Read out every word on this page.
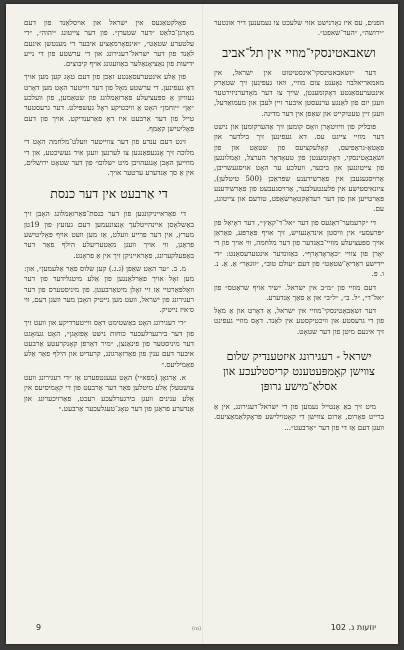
הפנים, עס איז נאָרנישט אזוי שלעכט צו נעמענען דיר אונטער ״ירושה״, ״הער־שאפט״.

ושאבאטינסקי־מוזיי אין תל־אביב

דער ״זשאבאטינסקי־אינסטיטוט אין ישראל, אין מאמאריאלבוי נאָענט צום מוזיי, וואו געפינען זיך שטאַרק אינטערעסאַנטע דאָקומענטן, שייך צו דער מאָדערניזירטער וועגן יום פון לאַנגע ערנעסטן איבער זיין לעבן און מעמואַרעל, וועגן זיין טעטיקייט און שאַפן אין דער מדינה.

פּובליק פון וויזיטאָרן וואָס קומען זיך אַהערקומען און נישט דער מוזיי צייגט עס. דא געפינען זיך בילדער און פאָטאָ-גראַפיעס, קאָלעקציעס פון שטאַט און פון זשאַבאָטינסקי, דאָקומענטן פון טעאָדאָר הערצל, זאַמלונגען פון צייטונגען און ביכער, וועלכע ער האָט אויסגעשריבן, אַרויסגעגעבן אין פאַרשידענע שפּראַכן (500 טיטלען), ציונאיסטישע אין פּלענטעלבער, אַרויסגעבעט פון פאַרשידענע פּאַרטייען און פון דער רעדאַקטאָרשאַפט, טורעם און צייטונג, עם.

די ״קרעמער־ראַגעס פון דער ״אל־ד־קאַץ׳״, דער ראָיאַל פון ״פּרעסע״ אין וויסטן אינדאָנעזיש, זיך אויף פּאַרפּע, פאַראַן אויך ספּעציעלע מוזיי־באַנדער פון דער מלחמה, ווי אויך פון די יאָרן פון צוויי ״כאָראָדאָרף״. באַזונדער אינטערעסאַנט: ״די יידישע ראַדיאָ־שטאַט״ פון דעם ״עולם טוב״, ״זוגאַר״ אַ. אַ. נ. ו. פּ.

דעם מוזיי פון ״מ״ב אין ישראל. ״שיר אויף שראַטס״ פון ״אל־ד״, ״ל. ב״, ״ל״ב״ און אַ סאַך אַנדערע.

דער זשאַבאָטינסקי־מוזיי אין ישראל, אַ דאָרט און אַ מאָל פון די גרעסטע און וויכטיקסטע אין לאַנד. דאָס מוזיי געפינט זיך אינעם מיטן פון דער שטאָט.

ישראל - רעגירונג איזטענדיק שלום צווישן קאָמפּעטענט קריסטלעכע און אסלאַ־מישע גרופּן

מיט זיך באַ אָנטייל נעמען פון די ישראל־רעגירונג, אין אַ ברייט פאָרום, אַרום צווישן די קאָטוילישע פּראָקלאַמאַציעס. וועגן דעם אַז די פון דער ״אַרבעט״...

פאָלקטאַגעס אין ישראל און אויסלאַנד פון דעם מאָרגן־בלאַט ״דער שטערן״. פון דער צייטונג ״יהוה״, ״די עלטערע שטאַט״, ״אינפאָרמאַציע איבער די מענטשן אינעם לאַנד פון דער ישראל־רעגירונג און די ערשטע פון די נייע ידיעות פון נאַציאָנאַלער באַוועגונג אויף קיבוצים.

פון אַלע אינטערעסאַנטע זאַכן פון דעם טאָג קען מען אויך דאָ געפינען. די ערשטע מאָל פון דער ווייטער האָט מען דאָרט געוויזן אַ ספּעציעלע פאַרזאַמלונג פון שטאַמען, פון וועלכע ״אַן״ ״יוחמן״ האָט אַ וויכטיקע ראָל געשפּילט. דער גרעסטער טייל פון דער אַרבעט איז דאָ פאַרענדיקט. אויך פון דעם פּאָליטישן קאַמף.

זינט דעם ענדע פון דער צווייטער וועלט־מלחמה האָט די מלוכה זיך אָנגעפאַנגען צו לערנען וועגן איר געשיכטע, און די מוזייען האָבן אָנגעהויבן מיט ״שלום״ פון דער שטאָט ירושלים, אין אַ סך אַנדערע ערטער אויך.

די אַרבעט אין דער כנסת

די פאַראייניקונגען פון דער כנסת־פאַרזאַמלונג האָבן זיך באַשלאָסן איינהייטלעך אָנצונעמען דעם געזעץ פון 19טן מערץ, אין דער פרייע וועלט, אַז מען וועט אויף פּאָליטישע פראַגן, ווי אויך וועגן מאַטעריעלע הילף פאַר דער באַפעלקערונג, פאַראייניקן זיך אין אַ פראָנט.

מ. ב. ״ער האָט שאַפן (ג.ג.) קען שלוס פאַר אַלעמען״, און: מען זאָל אויך פאַרלאַנגען פון אַלע מיטגלידער פון דער וואַלפּאַרטיי אַז זיי זאָלן מיטאַרבעטן. פון מיניסטערס פון דער רעגירונג פון ישראל, וועט מען נייטיק האָבן מער וועגן דעם, ווי ס׳איז נייטיק.

״די רעגירונג האָט באַשטימט דאָס ווייטערדיקע און וועט זיך פון דער בירגערלעכער כוחות נישט אָפּזאָגן״, האָט געזאָגט דער מיניסטער פון פינאַנצן, ״מיר דאַרפן קאָנקרעטע אַרבעט איבער דעם ענין פון פאַרזאָרגונג, קרעדיט און הילף פאַר אַלע פאַמיליעס.״

א. אַרגאָן (מפא״י) האָט געענטפערט אַז ״די רעגירונג וועט צושטעלן אַלע מיטלען פאַר דער אַרבעט פון די קאָמיסיעס אין אַלע ענינים וועגן בירגערלעכע רעכט, פאַרזיכערונג און אַנדערע פראַגן פון דער טאָג־טעגלעכער אַרבעט.״

9	(מז)	יוזעות נ. 102
